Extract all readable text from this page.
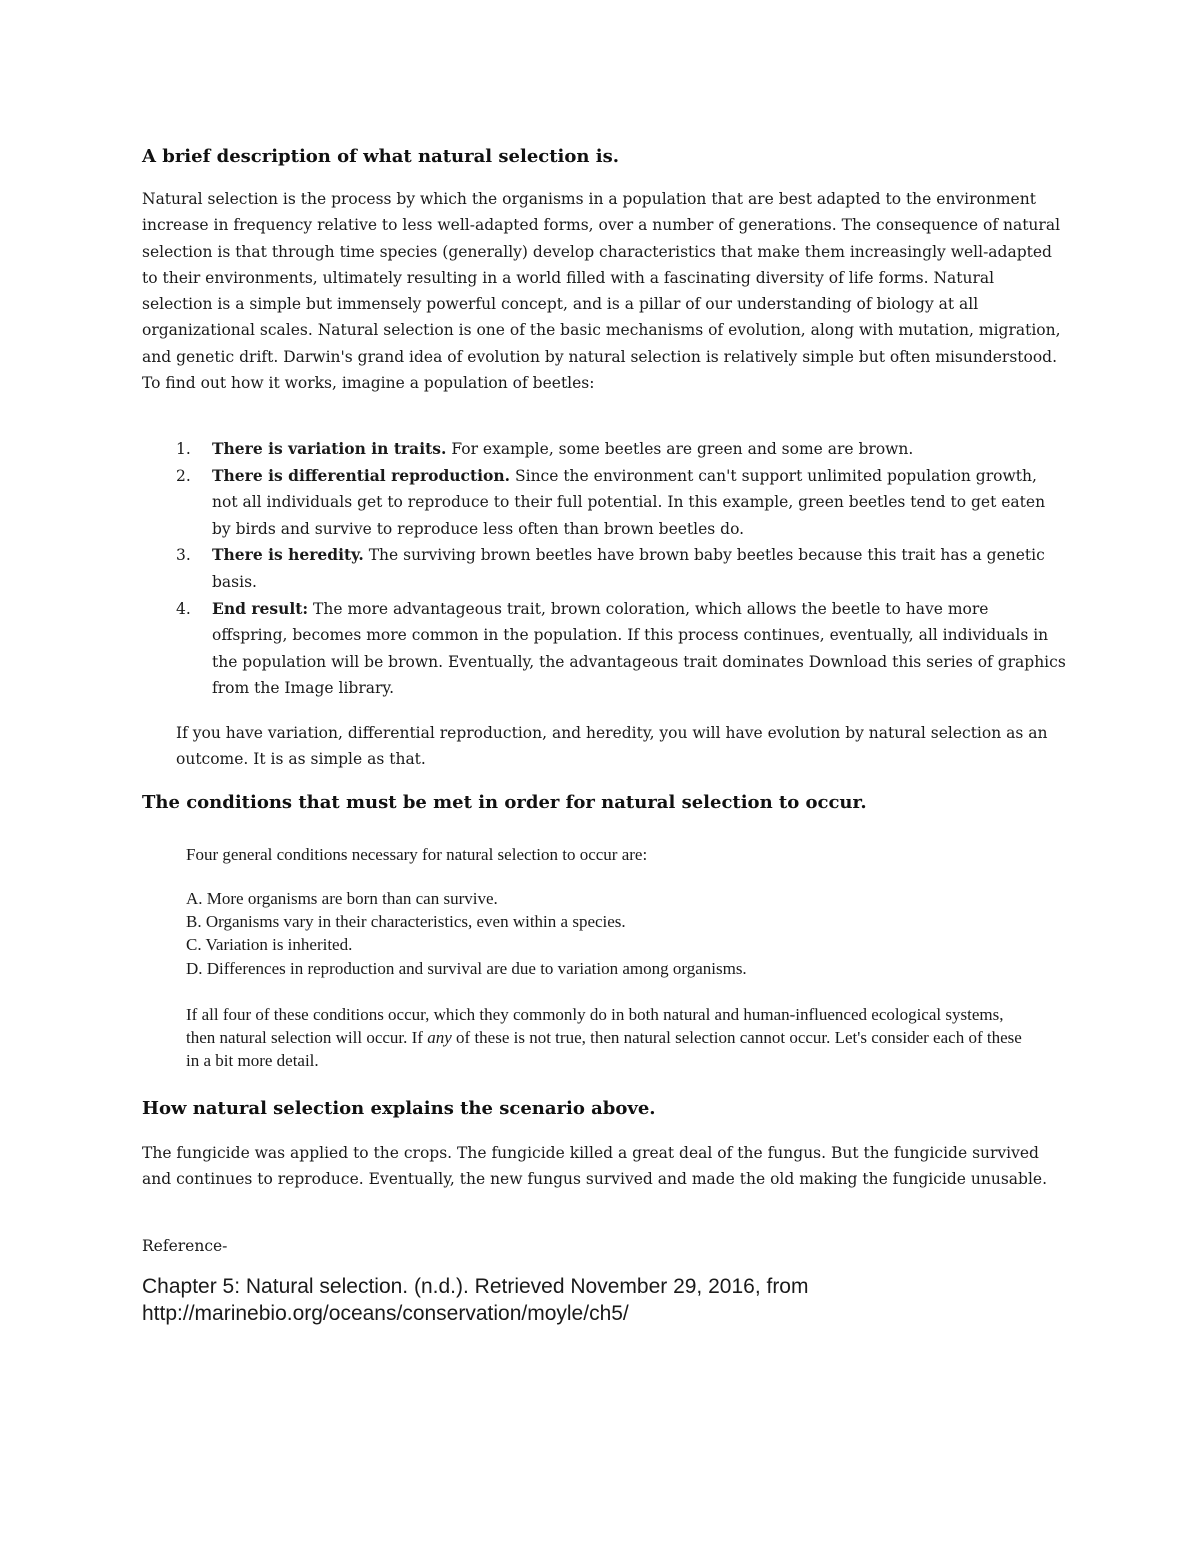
A brief description of what natural selection is.

Natural selection is the process by which the organisms in a population that are best adapted to the environment increase in frequency relative to less well-adapted forms, over a number of generations. The consequence of natural selection is that through time species (generally) develop characteristics that make them increasingly well-adapted to their environments, ultimately resulting in a world filled with a fascinating diversity of life forms. Natural selection is a simple but immensely powerful concept, and is a pillar of our understanding of biology at all organizational scales. Natural selection is one of the basic mechanisms of evolution, along with mutation, migration, and genetic drift. Darwin's grand idea of evolution by natural selection is relatively simple but often misunderstood. To find out how it works, imagine a population of beetles:

1. There is variation in traits. For example, some beetles are green and some are brown.
2. There is differential reproduction. Since the environment can't support unlimited population growth, not all individuals get to reproduce to their full potential. In this example, green beetles tend to get eaten by birds and survive to reproduce less often than brown beetles do.
3. There is heredity. The surviving brown beetles have brown baby beetles because this trait has a genetic basis.
4. End result: The more advantageous trait, brown coloration, which allows the beetle to have more offspring, becomes more common in the population. If this process continues, eventually, all individuals in the population will be brown. Eventually, the advantageous trait dominates Download this series of graphics from the Image library.

If you have variation, differential reproduction, and heredity, you will have evolution by natural selection as an outcome. It is as simple as that.

The conditions that must be met in order for natural selection to occur.

Four general conditions necessary for natural selection to occur are:

A. More organisms are born than can survive.
B. Organisms vary in their characteristics, even within a species.
C. Variation is inherited.
D. Differences in reproduction and survival are due to variation among organisms.

If all four of these conditions occur, which they commonly do in both natural and human-influenced ecological systems, then natural selection will occur. If any of these is not true, then natural selection cannot occur. Let's consider each of these in a bit more detail.

How natural selection explains the scenario above.

The fungicide was applied to the crops. The fungicide killed a great deal of the fungus. But the fungicide survived and continues to reproduce. Eventually, the new fungus survived and made the old making the fungicide unusable.

Reference-

Chapter 5: Natural selection. (n.d.). Retrieved November 29, 2016, from http://marinebio.org/oceans/conservation/moyle/ch5/
